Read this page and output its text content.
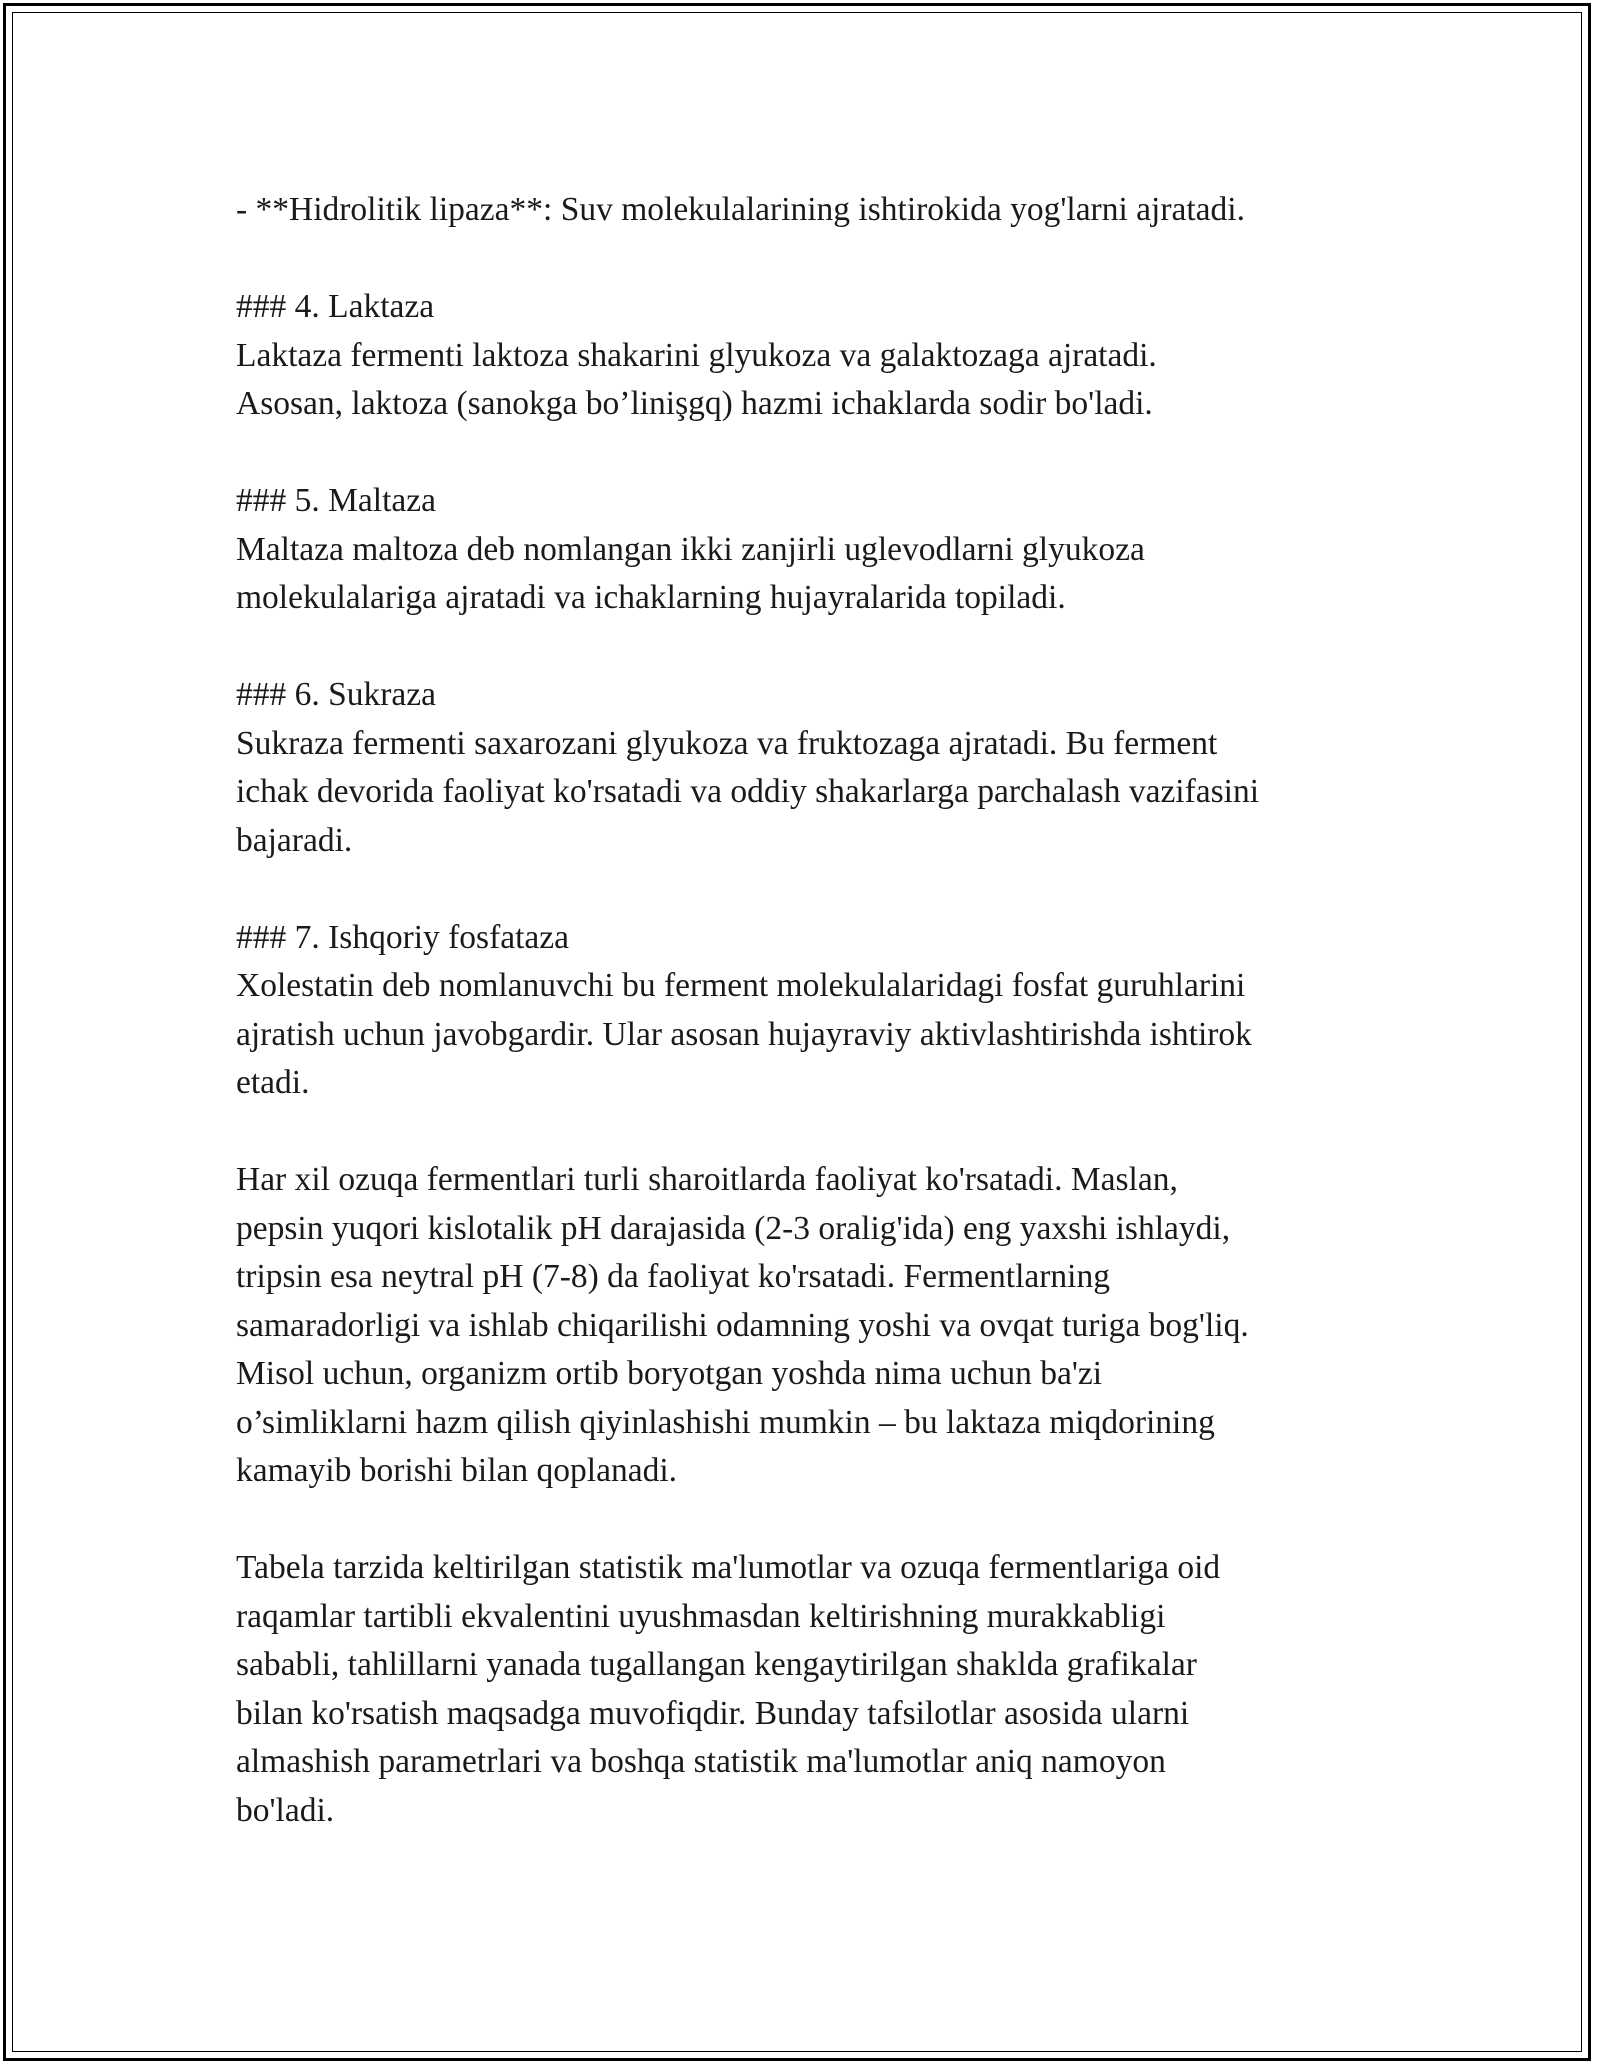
- **Hidrolitik lipaza**: Suv molekulalarining ishtirokida yog'larni ajratadi.

### 4. Laktaza
Laktaza fermenti laktoza shakarini glyukoza va galaktozaga ajratadi.
Asosan, laktoza (sanokga bo’linişgq) hazmi ichaklarda sodir bo'ladi.

### 5. Maltaza
Maltaza maltoza deb nomlangan ikki zanjirli uglevodlarni glyukoza
molekulalariga ajratadi va ichaklarning hujayralarida topiladi.

### 6. Sukraza
Sukraza fermenti saxarozani glyukoza va fruktozaga ajratadi. Bu ferment
ichak devorida faoliyat ko'rsatadi va oddiy shakarlarga parchalash vazifasini
bajaradi.

### 7. Ishqoriy fosfataza
Xolestatin deb nomlanuvchi bu ferment molekulalaridagi fosfat guruhlarini
ajratish uchun javobgardir. Ular asosan hujayraviy aktivlashtirishda ishtirok
etadi.

Har xil ozuqa fermentlari turli sharoitlarda faoliyat ko'rsatadi. Maslan,
pepsin yuqori kislotalik pH darajasida (2-3 oralig'ida) eng yaxshi ishlaydi,
tripsin esa neytral pH (7-8) da faoliyat ko'rsatadi. Fermentlarning
samaradorligi va ishlab chiqarilishi odamning yoshi va ovqat turiga bog'liq.
Misol uchun, organizm ortib boryotgan yoshda nima uchun ba'zi
o’simliklarni hazm qilish qiyinlashishi mumkin – bu laktaza miqdorining
kamayib borishi bilan qoplanadi.

Tabela tarzida keltirilgan statistik ma'lumotlar va ozuqa fermentlariga oid
raqamlar tartibli ekvalentini uyushmasdan keltirishning murakkabligi
sababli, tahlillarni yanada tugallangan kengaytirilgan shaklda grafikalar
bilan ko'rsatish maqsadga muvofiqdir. Bunday tafsilotlar asosida ularni
almashish parametrlari va boshqa statistik ma'lumotlar aniq namoyon
bo'ladi.
